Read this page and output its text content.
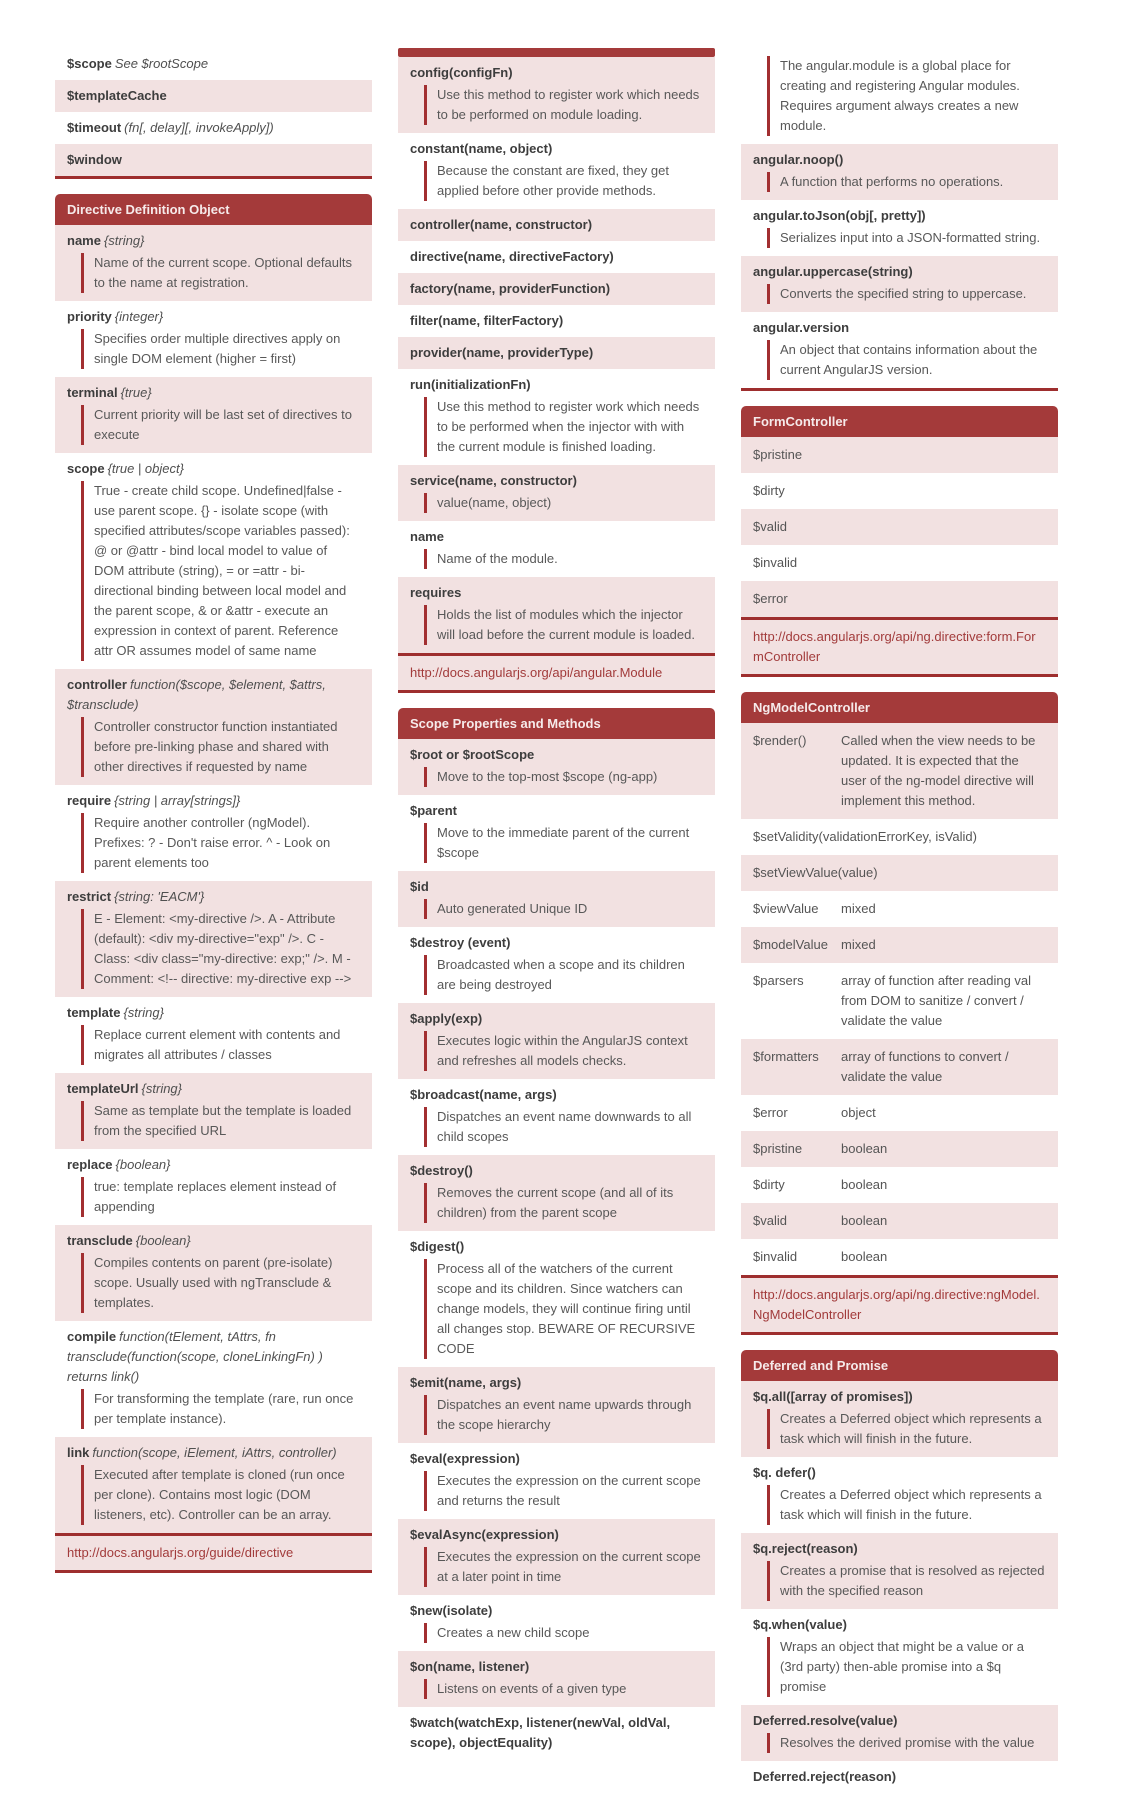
$scope See $rootScope
$templateCache
$timeout (fn[, delay][, invokeApply])
$window
Directive Definition Object
name {string}
Name of the current scope. Optional defaults to the name at registration.
priority {integer}
Specifies order multiple directives apply on single DOM element (higher = first)
terminal {true}
Current priority will be last set of directives to execute
scope {true | object}
True - create child scope. Undefined|false - use parent scope. {} - isolate scope (with specified attributes/scope variables passed): @ or @attr - bind local model to value of DOM attribute (string), = or =attr - bi-directional binding between local model and the parent scope, & or &attr - execute an expression in context of parent. Reference attr OR assumes model of same name
controller function($scope, $element, $attrs, $transclude)
Controller constructor function instantiated before pre-linking phase and shared with other directives if requested by name
require {string | array[strings]}
Require another controller (ngModel). Prefixes: ? - Don't raise error. ^ - Look on parent elements too
restrict {string: 'EACM'}
E - Element: <my-directive />. A - Attribute (default): <div my-directive="exp" />. C - Class: <div class="my-directive: exp;" />. M - Comment: <!-- directive: my-directive exp -->
template {string}
Replace current element with contents and migrates all attributes / classes
templateUrl {string}
Same as template but the template is loaded from the specified URL
replace {boolean}
true: template replaces element instead of appending
transclude {boolean}
Compiles contents on parent (pre-isolate) scope. Usually used with ngTransclude & templates.
compile function(tElement, tAttrs, fn transclude(function(scope, cloneLinkingFn) ) returns link()
For transforming the template (rare, run once per template instance).
link function(scope, iElement, iAttrs, controller)
Executed after template is cloned (run once per clone). Contains most logic (DOM listeners, etc). Controller can be an array.
http://docs.angularjs.org/guide/directive
config(configFn)
Use this method to register work which needs to be performed on module loading.
constant(name, object)
Because the constant are fixed, they get applied before other provide methods.
controller(name, constructor)
directive(name, directiveFactory)
factory(name, providerFunction)
filter(name, filterFactory)
provider(name, providerType)
run(initializationFn)
Use this method to register work which needs to be performed when the injector with with the current module is finished loading.
service(name, constructor)
value(name, object)
name
Name of the module.
requires
Holds the list of modules which the injector will load before the current module is loaded.
http://docs.angularjs.org/api/angular.Module
Scope Properties and Methods
$root or $rootScope
Move to the top-most $scope (ng-app)
$parent
Move to the immediate parent of the current $scope
$id
Auto generated Unique ID
$destroy (event)
Broadcasted when a scope and its children are being destroyed
$apply(exp)
Executes logic within the AngularJS context and refreshes all models checks.
$broadcast(name, args)
Dispatches an event name downwards to all child scopes
$destroy()
Removes the current scope (and all of its children) from the parent scope
$digest()
Process all of the watchers of the current scope and its children. Since watchers can change models, they will continue firing until all changes stop. BEWARE OF RECURSIVE CODE
$emit(name, args)
Dispatches an event name upwards through the scope hierarchy
$eval(expression)
Executes the expression on the current scope and returns the result
$evalAsync(expression)
Executes the expression on the current scope at a later point in time
$new(isolate)
Creates a new child scope
$on(name, listener)
Listens on events of a given type
$watch(watchExp, listener(newVal, oldVal, scope), objectEquality)
The angular.module is a global place for creating and registering Angular modules. Requires argument always creates a new module.
angular.noop()
A function that performs no operations.
angular.toJson(obj[, pretty])
Serializes input into a JSON-formatted string.
angular.uppercase(string)
Converts the specified string to uppercase.
angular.version
An object that contains information about the current AngularJS version.
FormController
$pristine
$dirty
$valid
$invalid
$error
http://docs.angularjs.org/api/ng.directive:form.FormController
NgModelController
$render()	Called when the view needs to be updated. It is expected that the user of the ng-model directive will implement this method.
$setValidity(validationErrorKey, isValid)
$setViewValue(value)
$viewValue	mixed
$modelValue mixed
$parsers	array of function after reading val from DOM to sanitize / convert / validate the value
$formatters	array of functions to convert / validate the value
$error	object
$pristine	boolean
$dirty	boolean
$valid	boolean
$invalid	boolean
http://docs.angularjs.org/api/ng.directive:ngModel.NgModelController
Deferred and Promise
$q.all([array of promises])
Creates a Deferred object which represents a task which will finish in the future.
$q. defer()
Creates a Deferred object which represents a task which will finish in the future.
$q.reject(reason)
Creates a promise that is resolved as rejected with the specified reason
$q.when(value)
Wraps an object that might be a value or a (3rd party) then-able promise into a $q promise
Deferred.resolve(value)
Resolves the derived promise with the value
Deferred.reject(reason)
